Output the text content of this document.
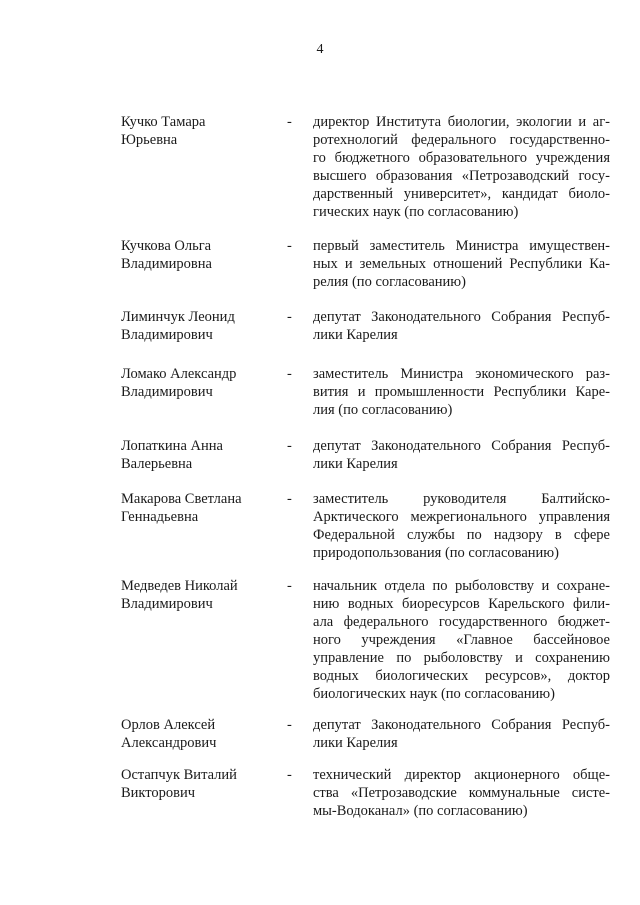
4
Кучко Тамара
Юрьевна
- директор Института биологии, экологии и аг-
ротехнологий федерального государственно-
го бюджетного образовательного учреждения
высшего образования «Петрозаводский госу-
дарственный университет», кандидат биоло-
гических наук (по согласованию)
Кучкова Ольга
Владимировна
- первый заместитель Министра имуществен-
ных и земельных отношений Республики Ка-
релия (по согласованию)
Лиминчук Леонид
Владимирович
- депутат Законодательного Собрания Респуб-
лики Карелия
Ломако Александр
Владимирович
- заместитель Министра экономического раз-
вития и промышленности Республики Каре-
лия (по согласованию)
Лопаткина Анна
Валерьевна
- депутат Законодательного Собрания Респуб-
лики Карелия
Макарова Светлана
Геннадьевна
- заместитель руководителя Балтийско-
Арктического межрегионального управления
Федеральной службы по надзору в сфере
природопользования (по согласованию)
Медведев Николай
Владимирович
- начальник отдела по рыболовству и сохране-
нию водных биоресурсов Карельского фили-
ала федерального государственного бюджет-
ного учреждения «Главное бассейновое
управление по рыболовству и сохранению
водных биологических ресурсов», доктор
биологических наук (по согласованию)
Орлов Алексей
Александрович
- депутат Законодательного Собрания Респуб-
лики Карелия
Остапчук Виталий
Викторович
- технический директор акционерного обще-
ства «Петрозаводские коммунальные систе-
мы-Водоканал» (по согласованию)
